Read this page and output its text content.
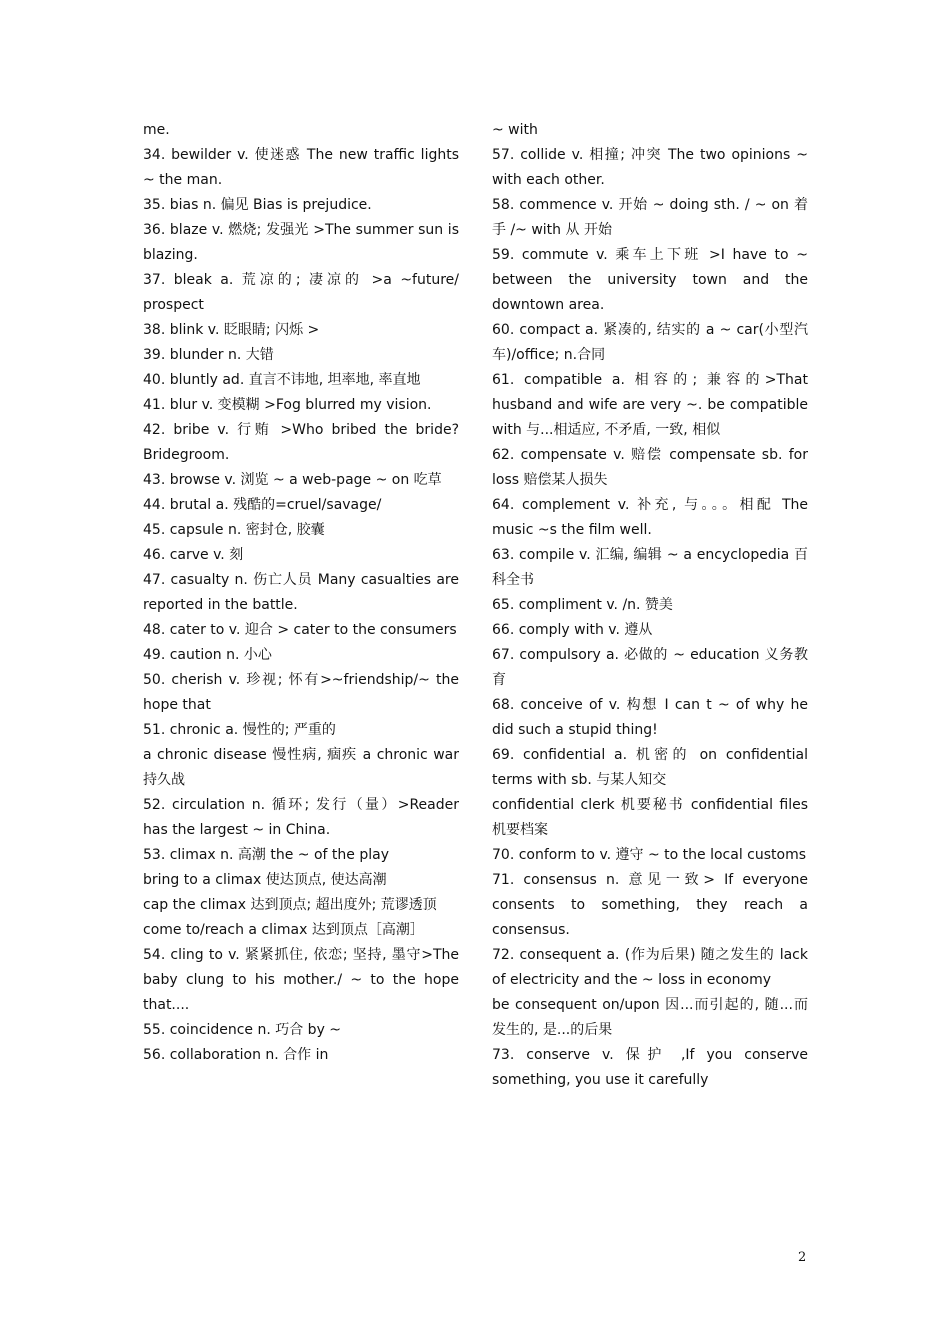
me.

34. bewilder v. 使迷惑 The new traffic lights ~ the man.

35. bias n. 偏见 Bias is prejudice.

36. blaze v. 燃烧; 发强光 >The summer sun is blazing.

37. bleak a. 荒凉的; 凄凉的 >a ~future/ prospect

38. blink v. 眨眼睛; 闪烁 >

39. blunder n. 大错

40. bluntly ad. 直言不讳地, 坦率地, 率直地

41. blur v. 变模糊 >Fog blurred my vision.

42. bribe v. 行贿 >Who bribed the bride? Bridegroom.

43. browse v. 浏览 ~ a web-page ~ on 吃草

44. brutal a. 残酷的=cruel/savage/

45. capsule n. 密封仓, 胶囊

46. carve v. 刻

47. casualty n. 伤亡人员 Many casualties are reported in the battle.

48. cater to v. 迎合 > cater to the consumers

49. caution n. 小心

50. cherish v. 珍视; 怀有>~friendship/~ the hope that

51. chronic a. 慢性的; 严重的

a chronic disease 慢性病, 痼疾 a chronic war 持久战

52. circulation n. 循环; 发行（量）>Reader has the largest ~ in China.

53. climax n. 高潮 the ~ of the play

bring to a climax 使达顶点, 使达高潮

cap the climax 达到顶点; 超出度外; 荒谬透顶

come to/reach a climax 达到顶点［高潮］

54. cling to v. 紧紧抓住, 依恋; 坚持, 墨守>The baby clung to his mother./ ~ to the hope that....

55. coincidence n. 巧合 by ~

56. collaboration n. 合作 in

~ with

57. collide v. 相撞; 冲突 The two opinions ~ with each other.

58. commence v. 开始 ~ doing sth. / ~ on 着手 /~ with 从 开始

59. commute v. 乘车上下班 >I have to ~ between the university town and the downtown area.

60. compact a. 紧凑的, 结实的 a ~ car(小型汽车)/office; n.合同

61. compatible a. 相容的; 兼容的>That husband and wife are very ~. be compatible with 与...相适应, 不矛盾, 一致, 相似

62. compensate v. 赔偿 compensate sb. for loss 赔偿某人损失

64. complement v. 补充, 与。。。相配 The music ~s the film well.

63. compile v. 汇编, 编辑 ~ a encyclopedia 百科全书

65. compliment v. /n. 赞美

66. comply with v. 遵从

67. compulsory a. 必做的 ~ education 义务教育

68. conceive of v. 构想 I can t ~ of why he did such a stupid thing!

69. confidential a. 机密的 on confidential terms with sb. 与某人知交

confidential clerk 机要秘书 confidential files 机要档案

70. conform to v. 遵守 ~ to the local customs

71. consensus n. 意见一致> If everyone consents to something, they reach a consensus.

72. consequent a. (作为后果) 随之发生的 lack of electricity and the ~ loss in economy

be consequent on/upon 因...而引起的, 随...而发生的, 是...的后果

73. conserve v. 保护 ,If you conserve something, you use it carefully

2
